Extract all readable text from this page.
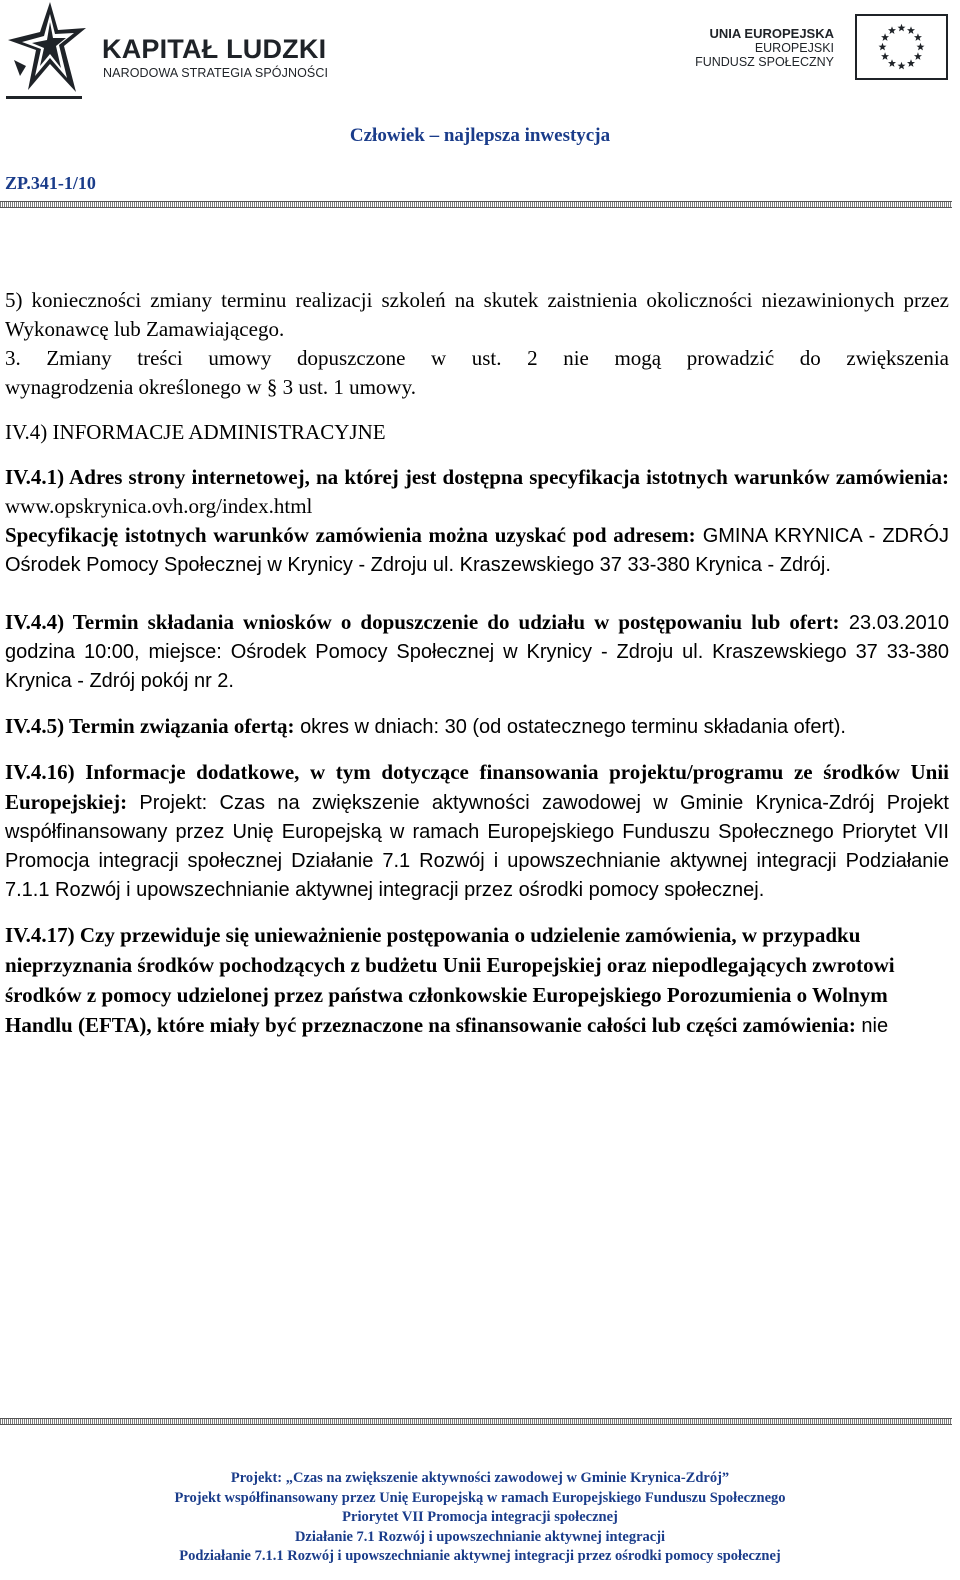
KAPITAŁ LUDZKI
NARODOWA STRATEGIA SPÓJNOŚCI
UNIA EUROPEJSKA
EUROPEJSKI
FUNDUSZ SPOŁECZNY
Człowiek – najlepsza inwestycja
ZP.341-1/10

5) konieczności zmiany terminu realizacji szkoleń na skutek zaistnienia okoliczności niezawinionych przez Wykonawcę lub Zamawiającego.

3. Zmiany treści umowy dopuszczone w ust. 2 nie mogą prowadzić do zwiększenia

wynagrodzenia określonego w § 3 ust. 1 umowy.

IV.4) INFORMACJE ADMINISTRACYJNE

IV.4.1) Adres strony internetowej, na której jest dostępna specyfikacja istotnych warunków zamówienia: www.opskrynica.ovh.org/index.html

Specyfikację istotnych warunków zamówienia można uzyskać pod adresem: GMINA KRYNICA - ZDRÓJ Ośrodek Pomocy Społecznej w Krynicy - Zdroju ul. Kraszewskiego 37 33-380 Krynica - Zdrój.

IV.4.4) Termin składania wniosków o dopuszczenie do udziału w postępowaniu lub ofert: 23.03.2010 godzina 10:00, miejsce: Ośrodek Pomocy Społecznej w Krynicy - Zdroju ul. Kraszewskiego 37 33-380 Krynica - Zdrój pokój nr 2.

IV.4.5) Termin związania ofertą: okres w dniach: 30 (od ostatecznego terminu składania ofert).

IV.4.16) Informacje dodatkowe, w tym dotyczące finansowania projektu/programu ze środków Unii Europejskiej: Projekt: Czas na zwiększenie aktywności zawodowej w Gminie Krynica-Zdrój Projekt współfinansowany przez Unię Europejską w ramach Europejskiego Funduszu Społecznego Priorytet VII Promocja integracji społecznej Działanie 7.1 Rozwój i upowszechnianie aktywnej integracji Podziałanie 7.1.1 Rozwój i upowszechnianie aktywnej integracji przez ośrodki pomocy społecznej.

IV.4.17) Czy przewiduje się unieważnienie postępowania o udzielenie zamówienia, w przypadku nieprzyznania środków pochodzących z budżetu Unii Europejskiej oraz niepodlegających zwrotowi środków z pomocy udzielonej przez państwa członkowskie Europejskiego Porozumienia o Wolnym Handlu (EFTA), które miały być przeznaczone na sfinansowanie całości lub części zamówienia: nie

Projekt: „Czas na zwiększenie aktywności zawodowej w Gminie Krynica-Zdrój”
Projekt współfinansowany przez Unię Europejską w ramach Europejskiego Funduszu Społecznego
Priorytet VII Promocja integracji społecznej
Działanie 7.1 Rozwój i upowszechnianie aktywnej integracji
Podziałanie 7.1.1 Rozwój i upowszechnianie aktywnej integracji przez ośrodki pomocy społecznej
